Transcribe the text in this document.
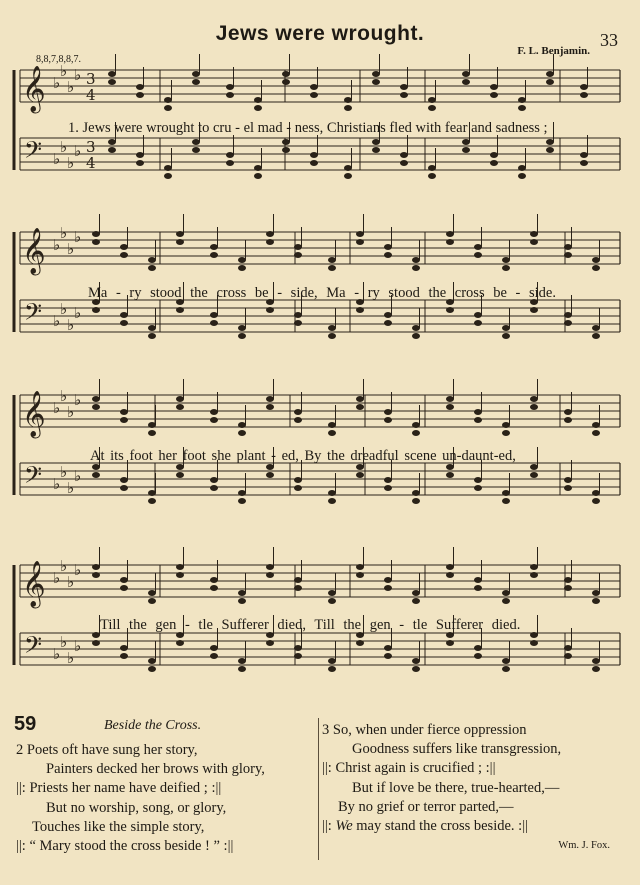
Jews were wrought.	33
8,8,7,8,8,7.
F. L. Benjamin.
𝄞 ♭
♭
♭
♭ 3
4
𝄢 ♭
♭
♭
♭ 3
4
𝄞 ♭
♭
♭
♭
𝄢 ♭
♭
♭
♭
𝄞 ♭
♭
♭
♭
𝄢 ♭
♭
♭
♭
𝄞 ♭
♭
♭
♭
𝄢 ♭
♭
♭
♭
1. Jews were wrought to cru - el mad - ness, Christians fled with fear and sadness ;
Ma - ry stood the cross be - side, Ma - ry stood the cross be - side.
At its foot her foot she plant - ed, By the dreadful scene un-daunt-ed,
Till the gen - tle Sufferer died, Till the gen - tle Sufferer died.
59	Beside the Cross.
2 Poets oft have sung her story,
Painters decked her brows with glory,
||: Priests her name have deified ; :||
But no worship, song, or glory,
Touches like the simple story,
||: “ Mary stood the cross beside ! ” :||
3 So, when under fierce oppression
Goodness suffers like transgression,
||: Christ again is crucified ; :||
But if love be there, true-hearted,—
By no grief or terror parted,—
||: We may stand the cross beside. :||
Wm. J. Fox.
